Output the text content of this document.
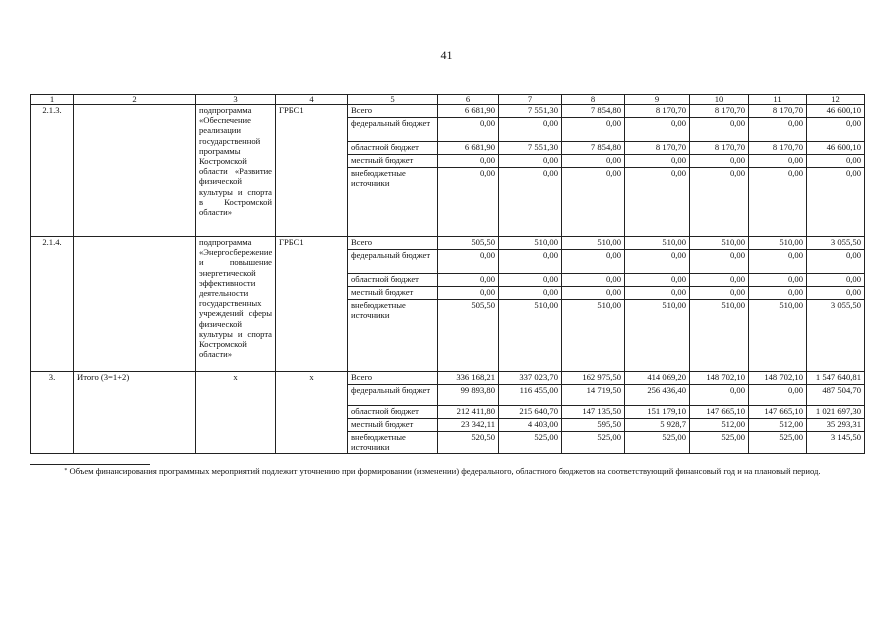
41
1	2	3	4	5	6	7	8	9	10	11	12
2.1.3.		подпрограмма «Обеспечение реализации государственной программы Костромской области «Развитие физической культуры и спорта в Костромской области»	ГРБС1	Всего	6 681,90	7 551,30	7 854,80	8 170,70	8 170,70	8 170,70	46 600,10
				федеральный бюджет	0,00	0,00	0,00	0,00	0,00	0,00	0,00
				областной бюджет	6 681,90	7 551,30	7 854,80	8 170,70	8 170,70	8 170,70	46 600,10
				местный бюджет	0,00	0,00	0,00	0,00	0,00	0,00	0,00
				внебюджетные источники	0,00	0,00	0,00	0,00	0,00	0,00	0,00
2.1.4.		подпрограмма «Энергосбережение и повышение энергетической эффективности деятельности государственных учреждений сферы физической культуры и спорта Костромской области»	ГРБС1	Всего	505,50	510,00	510,00	510,00	510,00	510,00	3 055,50
				федеральный бюджет	0,00	0,00	0,00	0,00	0,00	0,00	0,00
				областной бюджет	0,00	0,00	0,00	0,00	0,00	0,00	0,00
				местный бюджет	0,00	0,00	0,00	0,00	0,00	0,00	0,00
				внебюджетные источники	505,50	510,00	510,00	510,00	510,00	510,00	3 055,50
3.	Итого (3=1+2)	х	х	Всего	336 168,21	337 023,70	162 975,50	414 069,20	148 702,10	148 702,10	1 547 640,81
				федеральный бюджет	99 893,80	116 455,00	14 719,50	256 436,40	0,00	0,00	487 504,70
				областной бюджет	212 411,80	215 640,70	147 135,50	151 179,10	147 665,10	147 665,10	1 021 697,30
				местный бюджет	23 342,11	4 403,00	595,50	5 928,7	512,00	512,00	35 293,31
				внебюджетные источники	520,50	525,00	525,00	525,00	525,00	525,00	3 145,50
* Объем финансирования программных мероприятий подлежит уточнению при формировании (изменении) федерального, областного бюджетов на соответствующий финансовый год и на плановый период.
